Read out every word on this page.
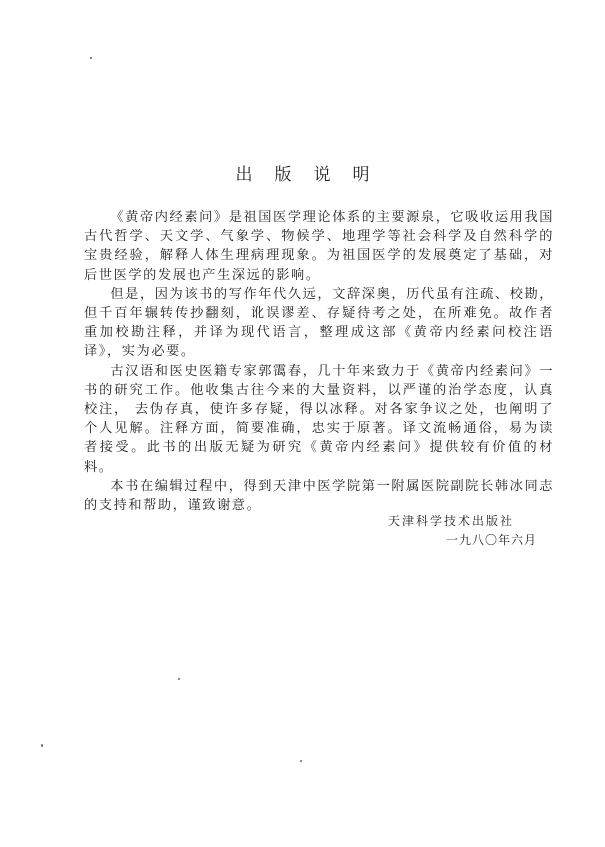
出版说明

《黄帝内经素问》是祖国医学理论体系的主要源泉，它吸收运用我国古代哲学、天文学、气象学、物候学、地理学等社会科学及自然科学的宝贵经验，解释人体生理病理现象。为祖国医学的发展奠定了基础，对后世医学的发展也产生深远的影响。

但是，因为该书的写作年代久远，文辞深奥，历代虽有注疏、校勘，但千百年辗转传抄翻刻，讹误谬差、存疑待考之处，在所难免。故作者重加校勘注释，并译为现代语言，整理成这部《黄帝内经素问校注语译》，实为必要。

古汉语和医史医籍专家郭霭春，几十年来致力于《黄帝内经素问》一书的研究工作。他收集古往今来的大量资料，以严谨的治学态度，认真校注， 去伪存真，使许多存疑，得以冰释。对各家争议之处，也阐明了个人见解。注释方面，简要准确，忠实于原著。译文流畅通俗，易为读者接受。此书的出版无疑为研究《黄帝内经素问》提供较有价值的材料。

本书在编辑过程中，得到天津中医学院第一附属医院副院长韩冰同志的支持和帮助，谨致谢意。

天津科学技术出版社
一九八〇年六月
